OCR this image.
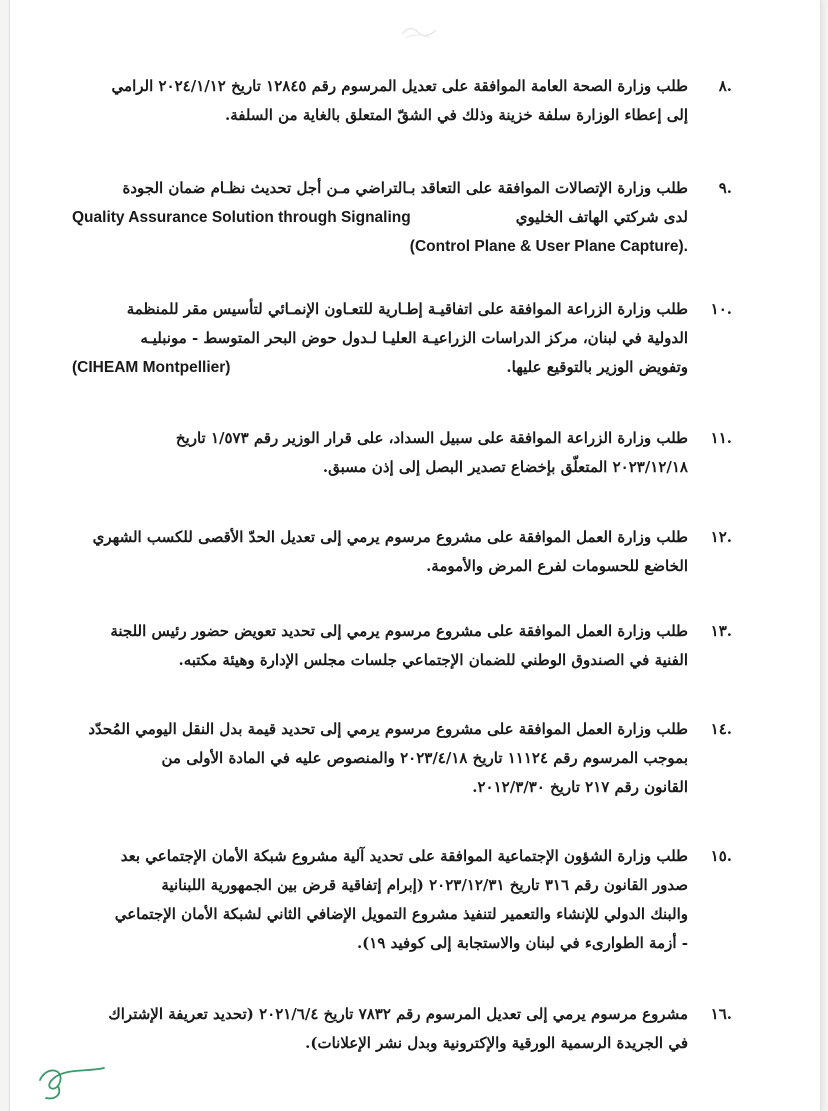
.٨
طلب وزارة الصحة العامة الموافقة على تعديل المرسوم رقم ١٢٨٤٥ تاريخ ٢٠٢٤/١/١٢ الرامي
إلى إعطاء الوزارة سلفة خزينة وذلك في الشقّ المتعلق بالغاية من السلفة.
.٩
طلب وزارة الإتصالات الموافقة على التعاقد بـالتراضي مـن أجل تحديث نظـام ضمان الجودة
لدى شركتي الهاتف الخليوي
Quality Assurance Solution through Signaling
(Control Plane & User Plane Capture).
.١٠
طلب وزارة الزراعة الموافقة على اتفاقيـة إطـارية للتعـاون الإنمـائي لتأسيس مقر للمنظمة
الدولية في لبنان، مركز الدراسات الزراعيـة العليـا لـدول حوض البحر المتوسط - مونبليـه
وتفويض الوزير بالتوقيع عليها.
(CIHEAM Montpellier)
.١١
طلب وزارة الزراعة الموافقة على سبيل السداد، على قرار الوزير رقم ١/٥٧٣ تاريخ
٢٠٢٣/١٢/١٨ المتعلّق بإخضاع تصدير البصل إلى إذن مسبق.
.١٢
طلب وزارة العمل الموافقة على مشروع مرسوم يرمي إلى تعديل الحدّ الأقصى للكسب الشهري
الخاضع للحسومات لفرع المرض والأمومة.
.١٣
طلب وزارة العمل الموافقة على مشروع مرسوم يرمي إلى تحديد تعويض حضور رئيس اللجنة
الفنية في الصندوق الوطني للضمان الإجتماعي جلسات مجلس الإدارة وهيئة مكتبه.
.١٤
طلب وزارة العمل الموافقة على مشروع مرسوم يرمي إلى تحديد قيمة بدل النقل اليومي المُحدّد
بموجب المرسوم رقم ١١١٢٤ تاريخ ٢٠٢٣/٤/١٨ والمنصوص عليه في المادة الأولى من
القانون رقم ٢١٧ تاريخ ٢٠١٢/٣/٣٠.
.١٥
طلب وزارة الشؤون الإجتماعية الموافقة على تحديد آلية مشروع شبكة الأمان الإجتماعي بعد
صدور القانون رقم ٣١٦ تاريخ ٢٠٢٣/١٢/٣١ (إبرام إتفاقية قرض بين الجمهورية اللبنانية
والبنك الدولي للإنشاء والتعمير لتنفيذ مشروع التمويل الإضافي الثاني لشبكة الأمان الإجتماعي
- أزمة الطوارىء في لبنان والاستجابة إلى كوفيد ١٩).
.١٦
مشروع مرسوم يرمي إلى تعديل المرسوم رقم ٧٨٣٢ تاريخ ٢٠٢١/٦/٤ (تحديد تعريفة الإشتراك
في الجريدة الرسمية الورقية والإكترونية وبدل نشر الإعلانات).
